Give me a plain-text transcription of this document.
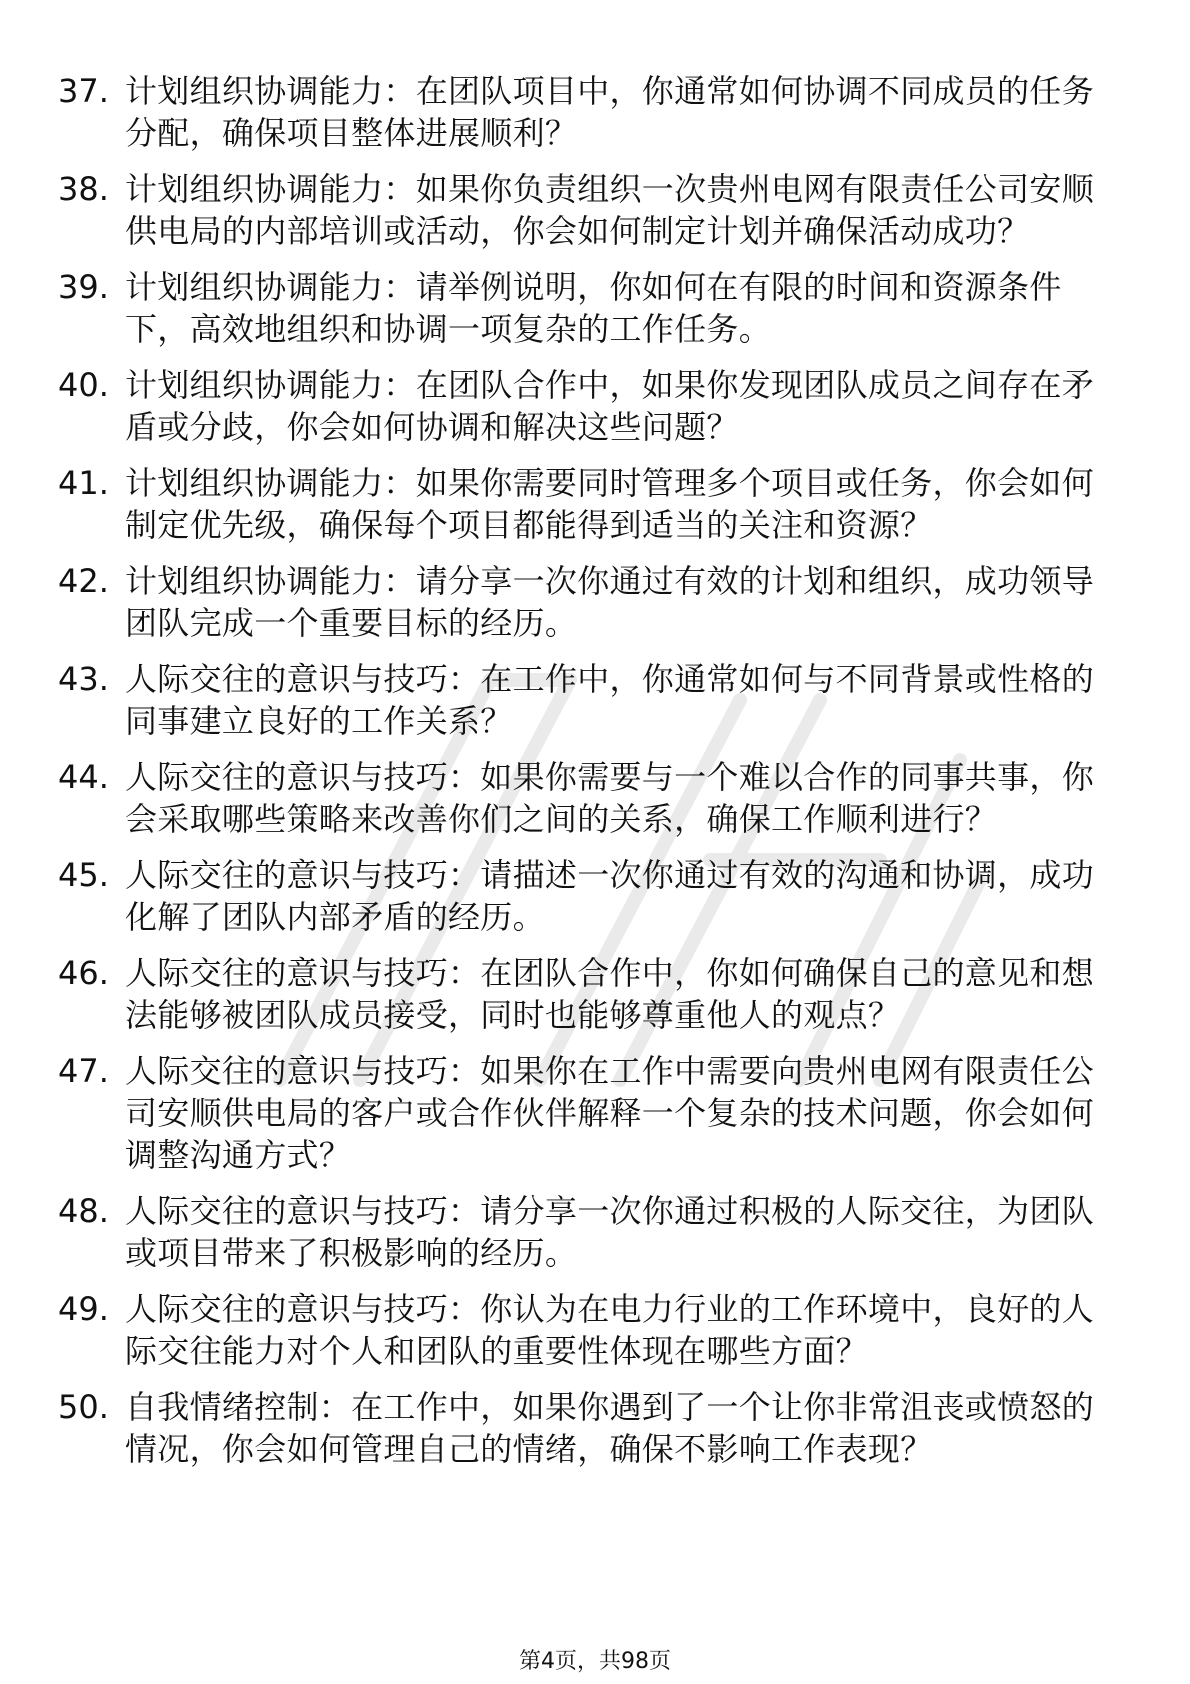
37. 计划组织协调能力：在团队项目中，你通常如何协调不同成员的任务分配，确保项目整体进展顺利？
38. 计划组织协调能力：如果你负责组织一次贵州电网有限责任公司安顺供电局的内部培训或活动，你会如何制定计划并确保活动成功？
39. 计划组织协调能力：请举例说明，你如何在有限的时间和资源条件下，高效地组织和协调一项复杂的工作任务。
40. 计划组织协调能力：在团队合作中，如果你发现团队成员之间存在矛盾或分歧，你会如何协调和解决这些问题？
41. 计划组织协调能力：如果你需要同时管理多个项目或任务，你会如何制定优先级，确保每个项目都能得到适当的关注和资源？
42. 计划组织协调能力：请分享一次你通过有效的计划和组织，成功领导团队完成一个重要目标的经历。
43. 人际交往的意识与技巧：在工作中，你通常如何与不同背景或性格的同事建立良好的工作关系？
44. 人际交往的意识与技巧：如果你需要与一个难以合作的同事共事，你会采取哪些策略来改善你们之间的关系，确保工作顺利进行？
45. 人际交往的意识与技巧：请描述一次你通过有效的沟通和协调，成功化解了团队内部矛盾的经历。
46. 人际交往的意识与技巧：在团队合作中，你如何确保自己的意见和想法能够被团队成员接受，同时也能够尊重他人的观点？
47. 人际交往的意识与技巧：如果你在工作中需要向贵州电网有限责任公司安顺供电局的客户或合作伙伴解释一个复杂的技术问题，你会如何调整沟通方式？
48. 人际交往的意识与技巧：请分享一次你通过积极的人际交往，为团队或项目带来了积极影响的经历。
49. 人际交往的意识与技巧：你认为在电力行业的工作环境中，良好的人际交往能力对个人和团队的重要性体现在哪些方面？
50. 自我情绪控制：在工作中，如果你遇到了一个让你非常沮丧或愤怒的情况，你会如何管理自己的情绪，确保不影响工作表现？
第4页，共98页
